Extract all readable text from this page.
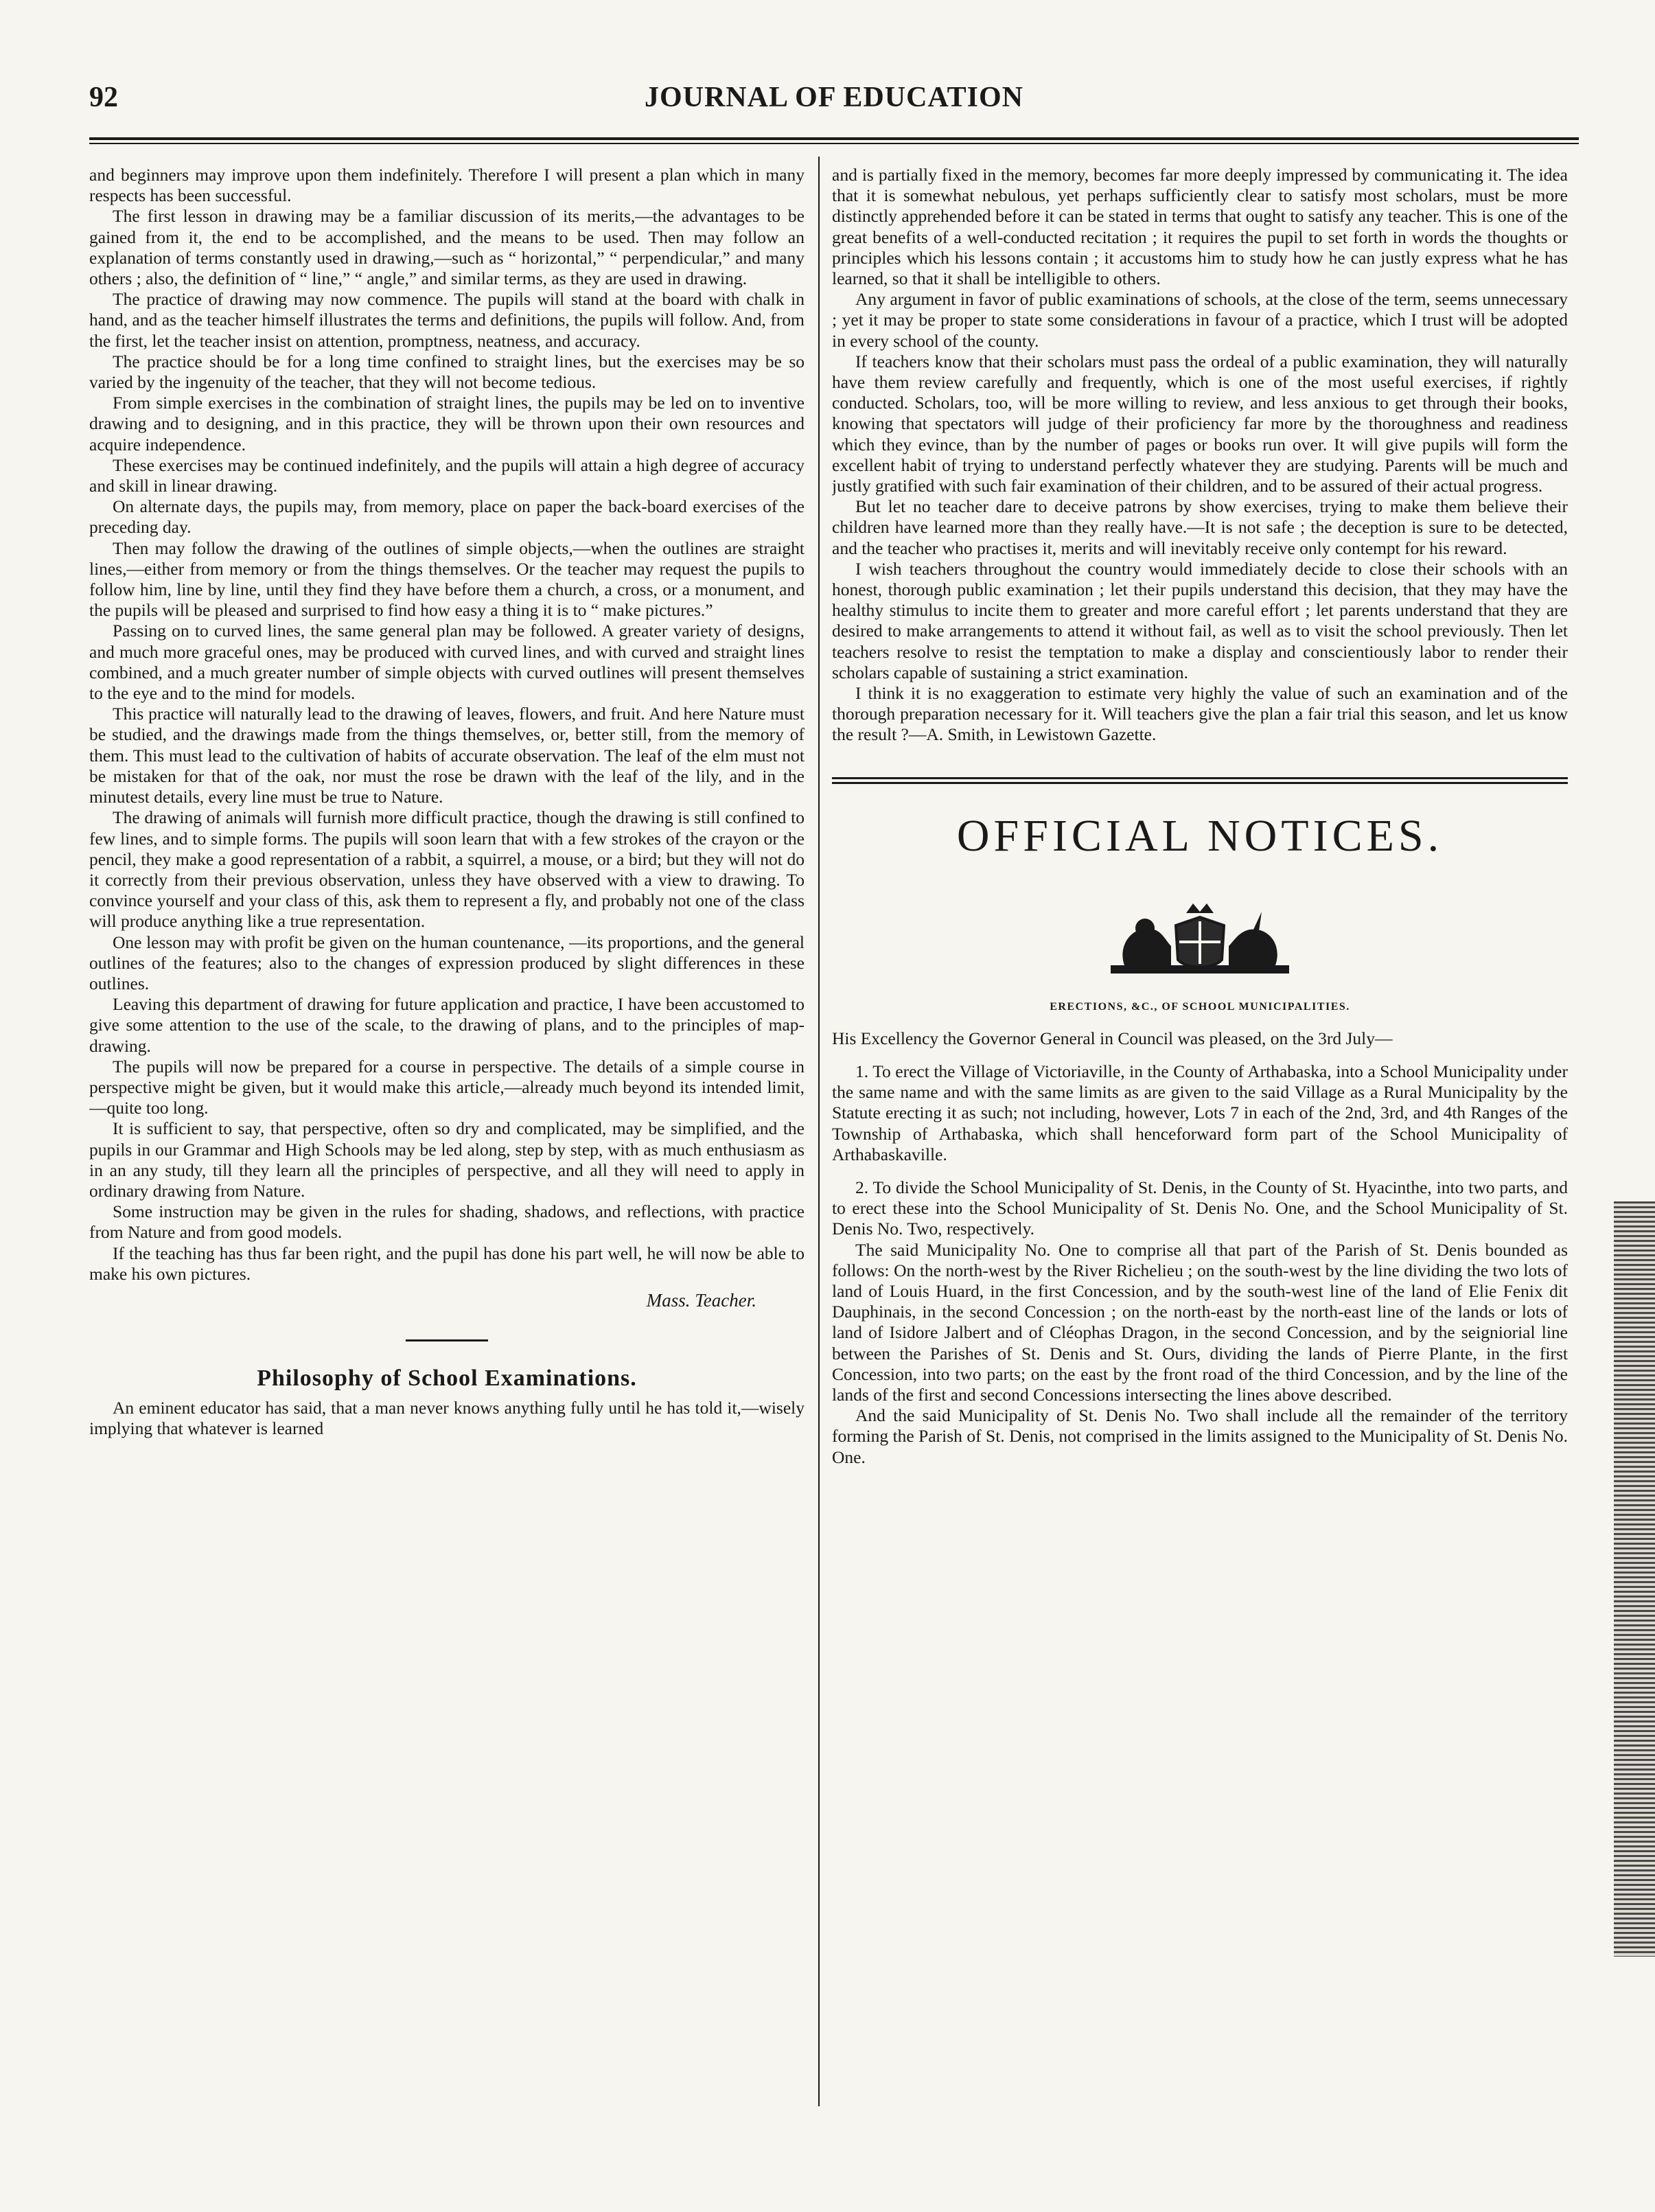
92	JOURNAL OF EDUCATION

and beginners may improve upon them indefinitely. Therefore I will present a plan which in many respects has been successful.

The first lesson in drawing may be a familiar discussion of its merits,—the advantages to be gained from it, the end to be accomplished, and the means to be used. Then may follow an explanation of terms constantly used in drawing,—such as “ horizontal,” “ perpendicular,” and many others ; also, the definition of “ line,” “ angle,” and similar terms, as they are used in drawing.

The practice of drawing may now commence. The pupils will stand at the board with chalk in hand, and as the teacher himself illustrates the terms and definitions, the pupils will follow. And, from the first, let the teacher insist on attention, promptness, neatness, and accuracy.

The practice should be for a long time confined to straight lines, but the exercises may be so varied by the ingenuity of the teacher, that they will not become tedious.

From simple exercises in the combination of straight lines, the pupils may be led on to inventive drawing and to designing, and in this practice, they will be thrown upon their own resources and acquire independence.

These exercises may be continued indefinitely, and the pupils will attain a high degree of accuracy and skill in linear drawing.

On alternate days, the pupils may, from memory, place on paper the back-board exercises of the preceding day.

Then may follow the drawing of the outlines of simple objects,—when the outlines are straight lines,—either from memory or from the things themselves. Or the teacher may request the pupils to follow him, line by line, until they find they have before them a church, a cross, or a monument, and the pupils will be pleased and surprised to find how easy a thing it is to “ make pictures.”

Passing on to curved lines, the same general plan may be followed. A greater variety of designs, and much more graceful ones, may be produced with curved lines, and with curved and straight lines combined, and a much greater number of simple objects with curved outlines will present themselves to the eye and to the mind for models.

This practice will naturally lead to the drawing of leaves, flowers, and fruit. And here Nature must be studied, and the drawings made from the things themselves, or, better still, from the memory of them. This must lead to the cultivation of habits of accurate observation. The leaf of the elm must not be mistaken for that of the oak, nor must the rose be drawn with the leaf of the lily, and in the minutest details, every line must be true to Nature.

The drawing of animals will furnish more difficult practice, though the drawing is still confined to few lines, and to simple forms. The pupils will soon learn that with a few strokes of the crayon or the pencil, they make a good representation of a rabbit, a squirrel, a mouse, or a bird; but they will not do it correctly from their previous observation, unless they have observed with a view to drawing. To convince yourself and your class of this, ask them to represent a fly, and probably not one of the class will produce anything like a true representation.

One lesson may with profit be given on the human countenance, —its proportions, and the general outlines of the features; also to the changes of expression produced by slight differences in these outlines.

Leaving this department of drawing for future application and practice, I have been accustomed to give some attention to the use of the scale, to the drawing of plans, and to the principles of map-drawing.

The pupils will now be prepared for a course in perspective. The details of a simple course in perspective might be given, but it would make this article,—already much beyond its intended limit, —quite too long.

It is sufficient to say, that perspective, often so dry and complicated, may be simplified, and the pupils in our Grammar and High Schools may be led along, step by step, with as much enthusiasm as in an any study, till they learn all the principles of perspective, and all they will need to apply in ordinary drawing from Nature.

Some instruction may be given in the rules for shading, shadows, and reflections, with practice from Nature and from good models.

If the teaching has thus far been right, and the pupil has done his part well, he will now be able to make his own pictures.

Mass. Teacher.
Philosophy of School Examinations.

An eminent educator has said, that a man never knows anything fully until he has told it,—wisely implying that whatever is learned

and is partially fixed in the memory, becomes far more deeply impressed by communicating it. The idea that it is somewhat nebulous, yet perhaps sufficiently clear to satisfy most scholars, must be more distinctly apprehended before it can be stated in terms that ought to satisfy any teacher. This is one of the great benefits of a well-conducted recitation ; it requires the pupil to set forth in words the thoughts or principles which his lessons contain ; it accustoms him to study how he can justly express what he has learned, so that it shall be intelligible to others.

Any argument in favor of public examinations of schools, at the close of the term, seems unnecessary ; yet it may be proper to state some considerations in favour of a practice, which I trust will be adopted in every school of the county.

If teachers know that their scholars must pass the ordeal of a public examination, they will naturally have them review carefully and frequently, which is one of the most useful exercises, if rightly conducted. Scholars, too, will be more willing to review, and less anxious to get through their books, knowing that spectators will judge of their proficiency far more by the thoroughness and readiness which they evince, than by the number of pages or books run over. It will give pupils will form the excellent habit of trying to understand perfectly whatever they are studying. Parents will be much and justly gratified with such fair examination of their children, and to be assured of their actual progress.

But let no teacher dare to deceive patrons by show exercises, trying to make them believe their children have learned more than they really have.—It is not safe ; the deception is sure to be detected, and the teacher who practises it, merits and will inevitably receive only contempt for his reward.

I wish teachers throughout the country would immediately decide to close their schools with an honest, thorough public examination ; let their pupils understand this decision, that they may have the healthy stimulus to incite them to greater and more careful effort ; let parents understand that they are desired to make arrangements to attend it without fail, as well as to visit the school previously. Then let teachers resolve to resist the temptation to make a display and conscientiously labor to render their scholars capable of sustaining a strict examination.

I think it is no exaggeration to estimate very highly the value of such an examination and of the thorough preparation necessary for it. Will teachers give the plan a fair trial this season, and let us know the result ?—A. Smith, in Lewistown Gazette.

OFFICIAL NOTICES.
ERECTIONS, &C., OF SCHOOL MUNICIPALITIES.

His Excellency the Governor General in Council was pleased, on the 3rd July—

1. To erect the Village of Victoriaville, in the County of Arthabaska, into a School Municipality under the same name and with the same limits as are given to the said Village as a Rural Municipality by the Statute erecting it as such; not including, however, Lots 7 in each of the 2nd, 3rd, and 4th Ranges of the Township of Arthabaska, which shall henceforward form part of the School Municipality of Arthabaskaville.

2. To divide the School Municipality of St. Denis, in the County of St. Hyacinthe, into two parts, and to erect these into the School Municipality of St. Denis No. One, and the School Municipality of St. Denis No. Two, respectively.

The said Municipality No. One to comprise all that part of the Parish of St. Denis bounded as follows: On the north-west by the River Richelieu ; on the south-west by the line dividing the two lots of land of Louis Huard, in the first Concession, and by the south-west line of the land of Elie Fenix dit Dauphinais, in the second Concession ; on the north-east by the north-east line of the lands or lots of land of Isidore Jalbert and of Cléophas Dragon, in the second Concession, and by the seigniorial line between the Parishes of St. Denis and St. Ours, dividing the lands of Pierre Plante, in the first Concession, into two parts; on the east by the front road of the third Concession, and by the line of the lands of the first and second Concessions intersecting the lines above described.

And the said Municipality of St. Denis No. Two shall include all the remainder of the territory forming the Parish of St. Denis, not comprised in the limits assigned to the Municipality of St. Denis No. One.
